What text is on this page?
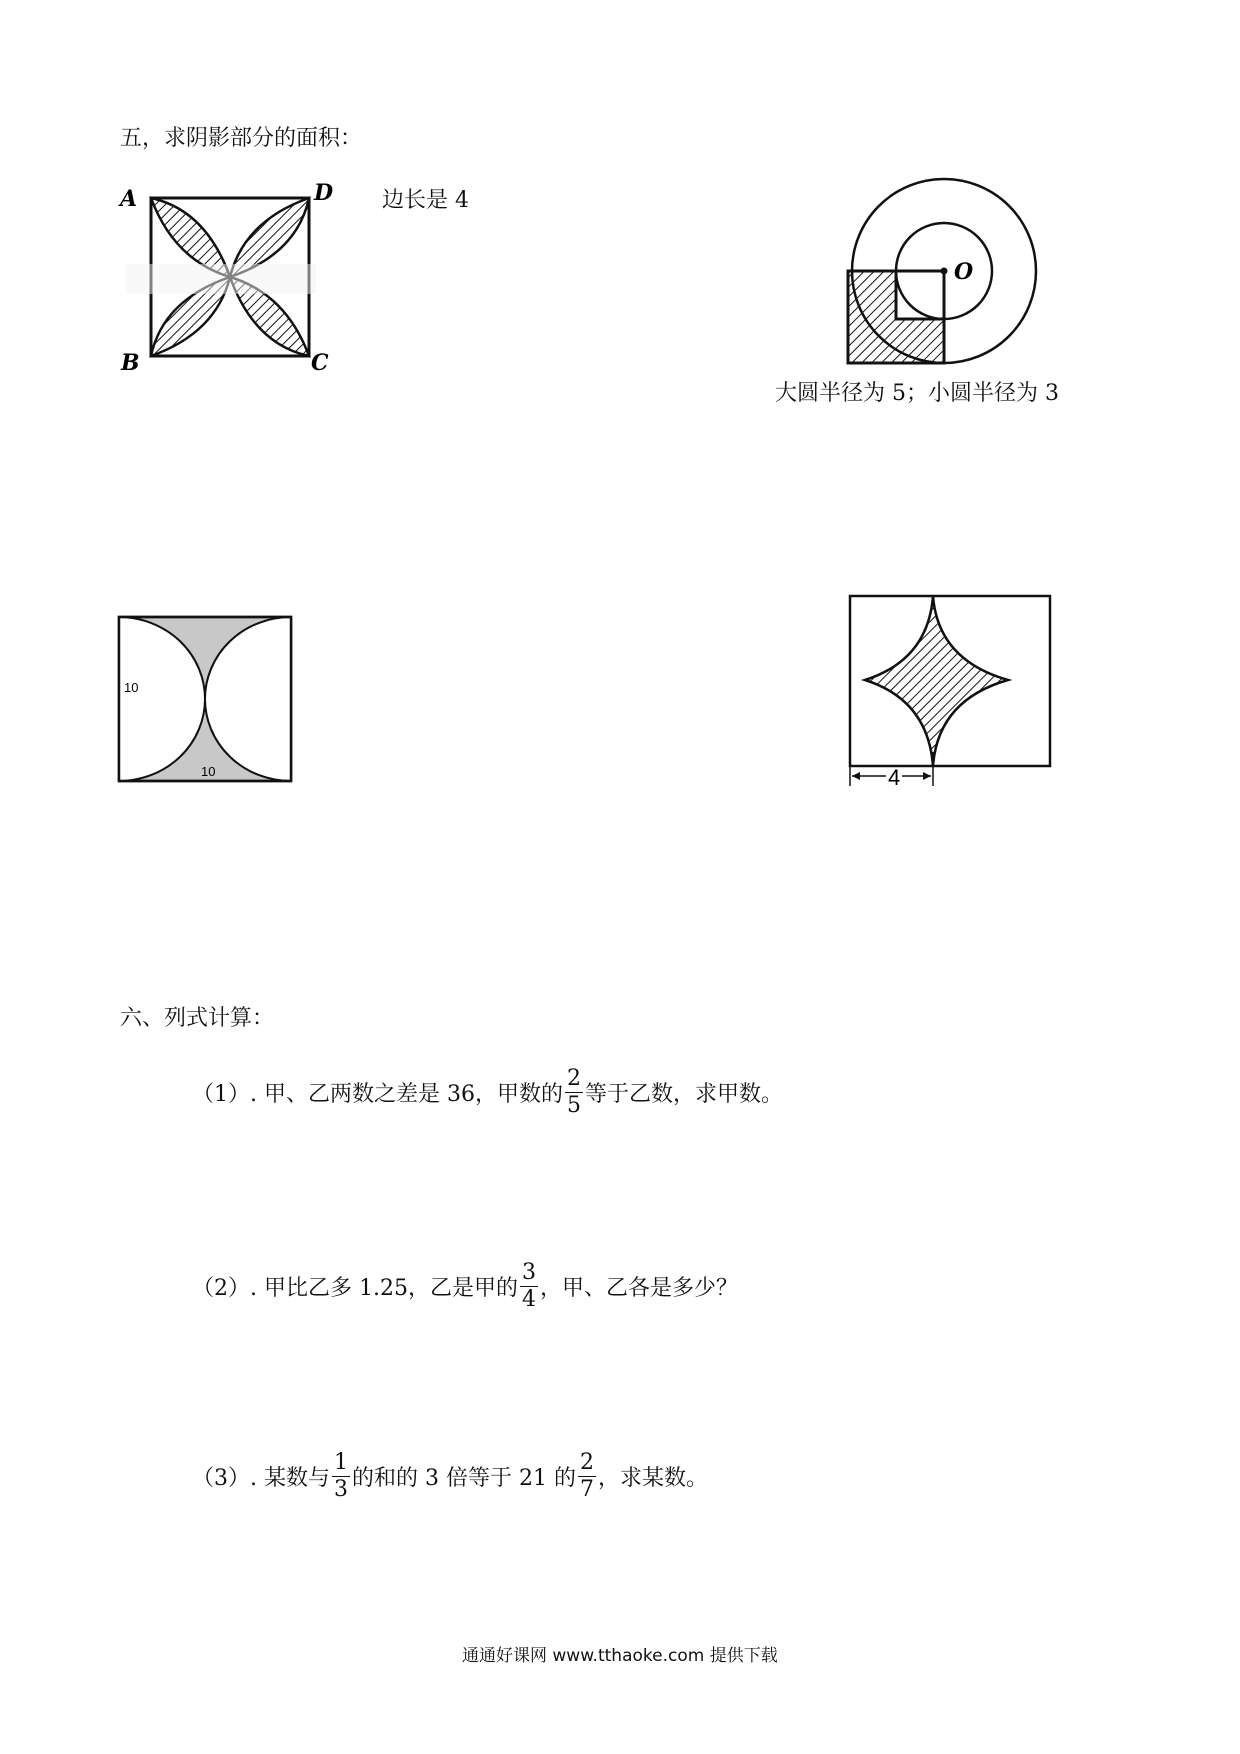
五，求阴影部分的面积：
A	D
B	C
边长是 4
O
大圆半径为 5；小圆半径为 3
10
10	4
六、列式计算：
（1）. 甲、乙两数之差是 36，甲数的 $\frac{2}{5}$ 等于乙数，求甲数。
（2）. 甲比乙多 1.25，乙是甲的 $\frac{3}{4}$ ，甲、乙各是多少？
（3）. 某数与 $\frac{1}{3}$ 的和的 3 倍等于 21 的 $\frac{2}{7}$ ，求某数。
通通好课网 www.tthaoke.com 提供下载
